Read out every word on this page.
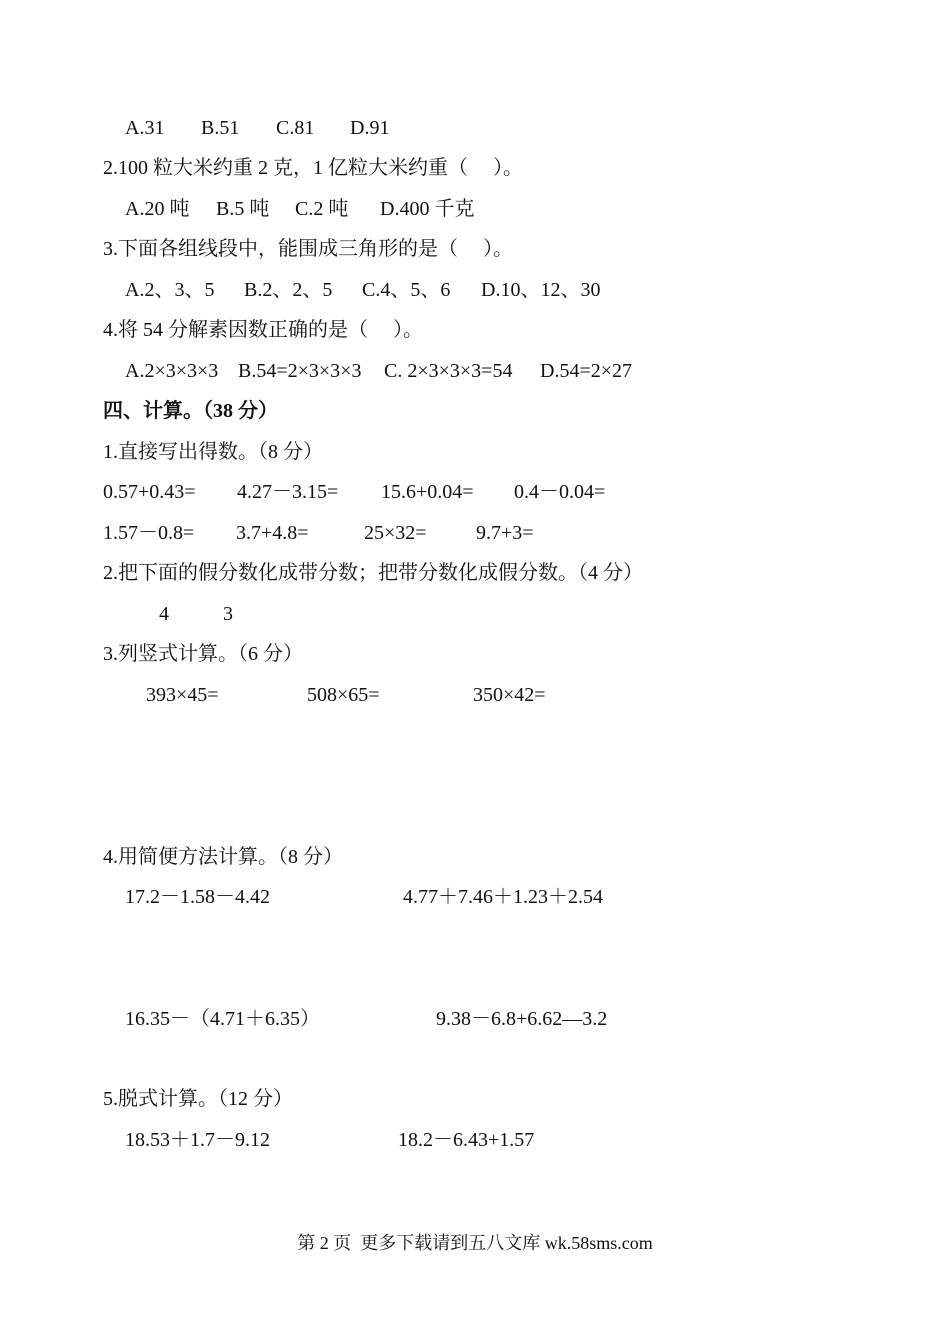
A.31 B.51 C.81 D.91
2.100 粒大米约重 2 克，1 亿粒大米约重（　 ）。
A.20 吨 B.5 吨 C.2 吨 D.400 千克
3.下面各组线段中，能围成三角形的是（　 ）。
A.2、3、5 B.2、2、5 C.4、5、6 D.10、12、30
4.将 54 分解素因数正确的是（　 ）。
A.2×3×3×3 B.54=2×3×3×3 C. 2×3×3×3=54 D.54=2×27
四、计算。（38 分）
1.直接写出得数。（8 分）
0.57+0.43= 4.27－3.15= 15.6+0.04= 0.4－0.04=
1.57－0.8= 3.7+4.8=	25×32= 9.7+3=
2.把下面的假分数化成带分数；把带分数化成假分数。（4 分）
4	3
3.列竖式计算。（6 分）
393×45=	508×65=	350×42=
4.用简便方法计算。（8 分）
17.2－1.58－4.42	4.77＋7.46＋1.23＋2.54
16.35－（4.71＋6.35）	9.38－6.8+6.62—3.2
5.脱式计算。（12 分）
18.53＋1.7－9.12	18.2－6.43+1.57
第 2 页  更多下载请到五八文库 wk.58sms.com
